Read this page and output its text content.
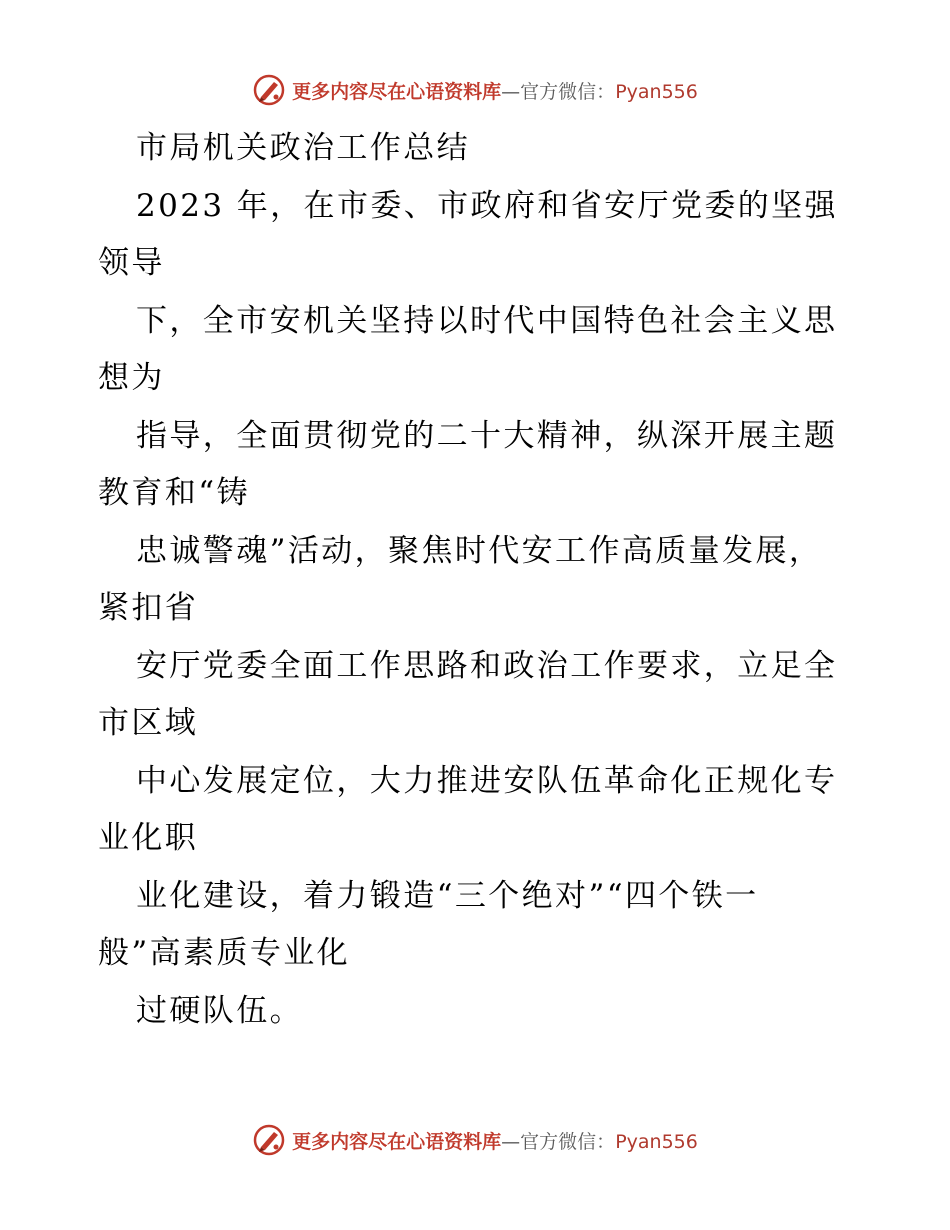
更多内容尽在心语资料库—官方微信：Pyan556
市局机关政治工作总结
2023 年，在市委、市政府和省安厅党委的坚强
领导
下，全市安机关坚持以时代中国特色社会主义思
想为
指导，全面贯彻党的二十大精神，纵深开展主题
教育和“铸
忠诚警魂”活动，聚焦时代安工作高质量发展，
紧扣省
安厅党委全面工作思路和政治工作要求，立足全
市区域
中心发展定位，大力推进安队伍革命化正规化专
业化职
业化建设，着力锻造“三个绝对”“四个铁一
般”高素质专业化
过硬队伍。
更多内容尽在心语资料库—官方微信：Pyan556
